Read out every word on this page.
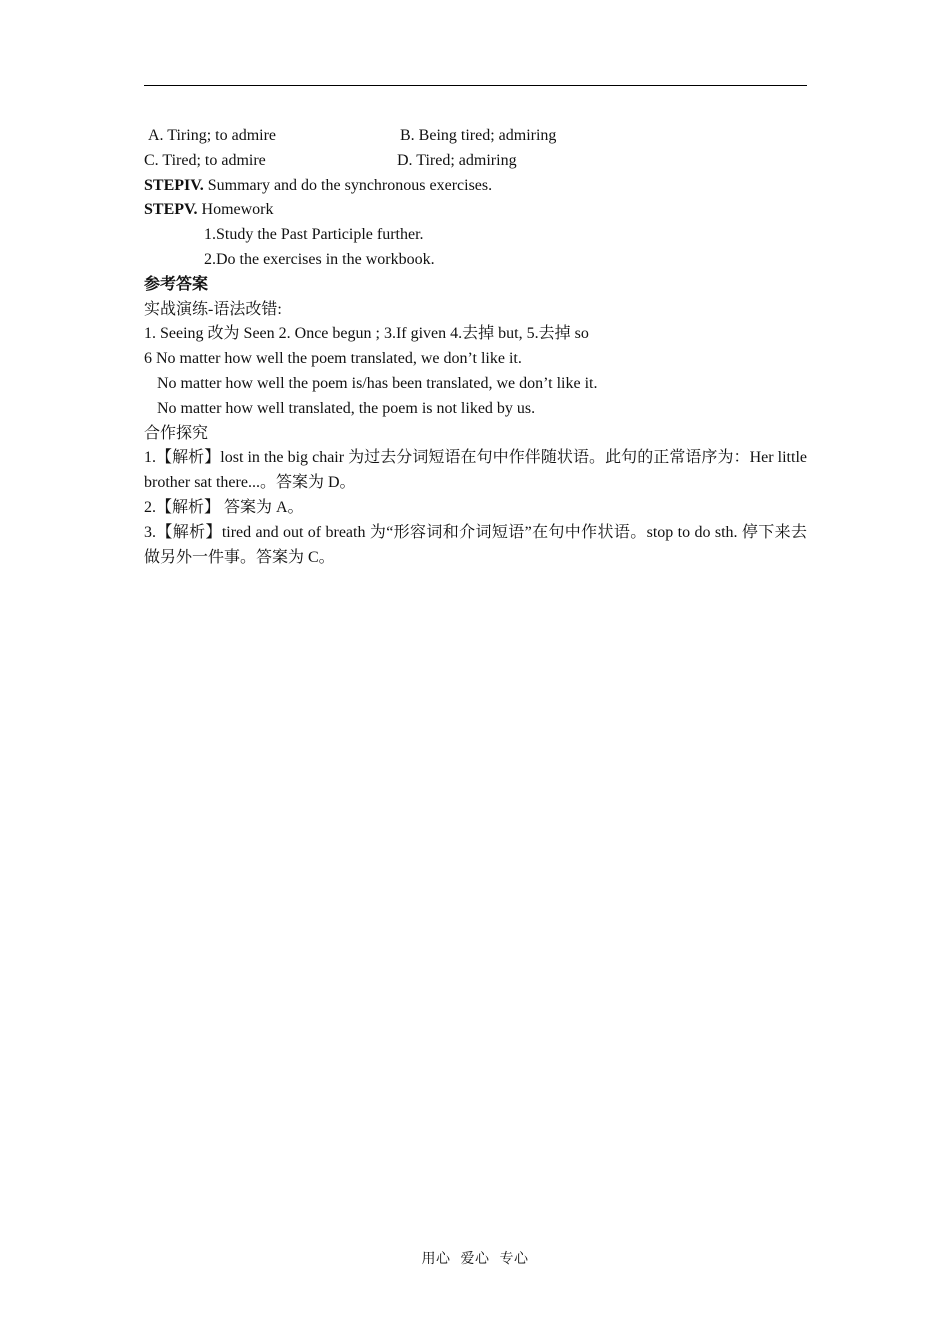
A. Tiring; to admire	B. Being tired; admiring
C. Tired; to admire	D. Tired; admiring
STEPIV. Summary and do the synchronous exercises.
STEPV. Homework
1.Study the Past Participle further.
2.Do the exercises in the workbook.
参考答案
实战演练-语法改错:
1. Seeing 改为 Seen 2. Once begun ; 3.If given 4.去掉 but, 5.去掉 so
6 No matter how well the poem translated, we don’t like it.
No matter how well the poem is/has been translated, we don’t like it.
No matter how well translated, the poem is not liked by us.
合作探究
1.【解析】lost in the big chair 为过去分词短语在句中作伴随状语。此句的正常语序为：Her little brother sat there...。答案为 D。
2.【解析】 答案为 A。
3.【解析】tired and out of breath 为“形容词和介词短语”在句中作状语。stop to do sth. 停下来去做另外一件事。答案为 C。
用心 爱心 专心
